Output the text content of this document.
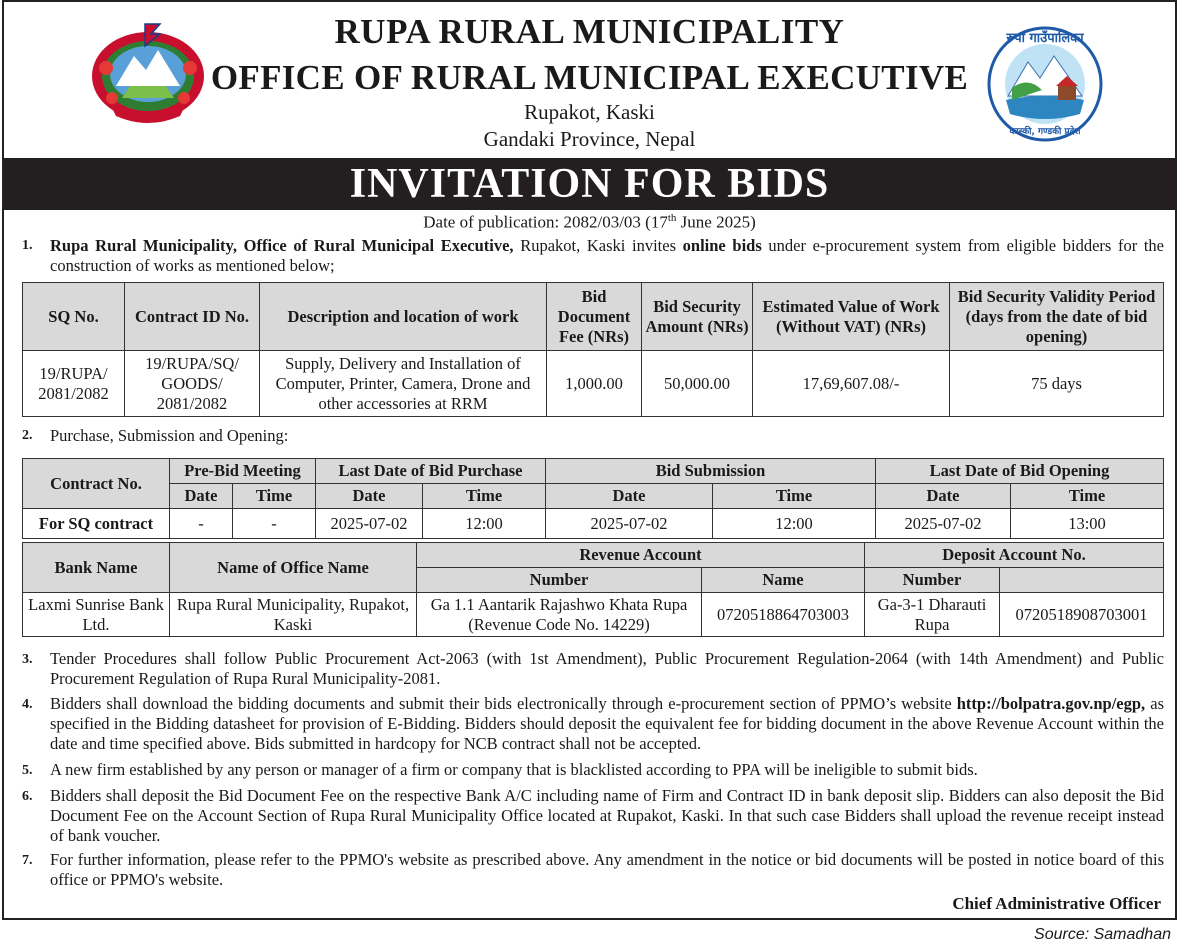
RUPA RURAL MUNICIPALITY
OFFICE OF RURAL MUNICIPAL EXECUTIVE
Rupakot, Kaski
Gandaki Province, Nepal
रुपा गाउँपालिका
कास्की, गण्डकी प्रदेश
INVITATION FOR BIDS
Date of publication: 2082/03/03 (17th June 2025)
1. Rupa Rural Municipality, Office of Rural Municipal Executive, Rupakot, Kaski invites online bids under e-procurement system from eligible bidders for the construction of works as mentioned below;
SQ No.	Contract ID No.	Description and location of work	Bid Document Fee (NRs)	Bid Security Amount (NRs)	Estimated Value of Work (Without VAT) (NRs)	Bid Security Validity Period (days from the date of bid opening)
19/RUPA/ 2081/2082	19/RUPA/SQ/ GOODS/ 2081/2082	Supply, Delivery and Installation of Computer, Printer, Camera, Drone and other accessories at RRM	1,000.00	50,000.00	17,69,607.08/-	75 days
2. Purchase, Submission and Opening:
Contract No.	Pre-Bid Meeting		Last Date of Bid Purchase		Bid Submission		Last Date of Bid Opening	
	Date	Time	Date	Time	Date	Time	Date	Time
For SQ contract	-	-	2025-07-02	12:00	2025-07-02	12:00	2025-07-02	13:00
Bank Name	Name of Office Name	Revenue Account		Deposit Account No.	
		Number	Name	Number	
Laxmi Sunrise Bank Ltd.	Rupa Rural Municipality, Rupakot, Kaski	Ga 1.1 Aantarik Rajashwo Khata Rupa (Revenue Code No. 14229)	0720518864703003	Ga-3-1 Dharauti Rupa	0720518908703001
3. Tender Procedures shall follow Public Procurement Act-2063 (with 1st Amendment), Public Procurement Regulation-2064 (with 14th Amendment) and Public Procurement Regulation of Rupa Rural Municipality-2081.
4. Bidders shall download the bidding documents and submit their bids electronically through e-procurement section of PPMO’s website http://bolpatra.gov.np/egp, as specified in the Bidding datasheet for provision of E-Bidding. Bidders should deposit the equivalent fee for bidding document in the above Revenue Account within the date and time specified above. Bids submitted in hardcopy for NCB contract shall not be accepted.
5. A new firm established by any person or manager of a firm or company that is blacklisted according to PPA will be ineligible to submit bids.
6. Bidders shall deposit the Bid Document Fee on the respective Bank A/C including name of Firm and Contract ID in bank deposit slip. Bidders can also deposit the Bid Document Fee on the Account Section of Rupa Rural Municipality Office located at Rupakot, Kaski. In that such case Bidders shall upload the revenue receipt instead of bank voucher.
7. For further information, please refer to the PPMO's website as prescribed above. Any amendment in the notice or bid documents will be posted in notice board of this office or PPMO's website.
Chief Administrative Officer
Source: Samadhan
